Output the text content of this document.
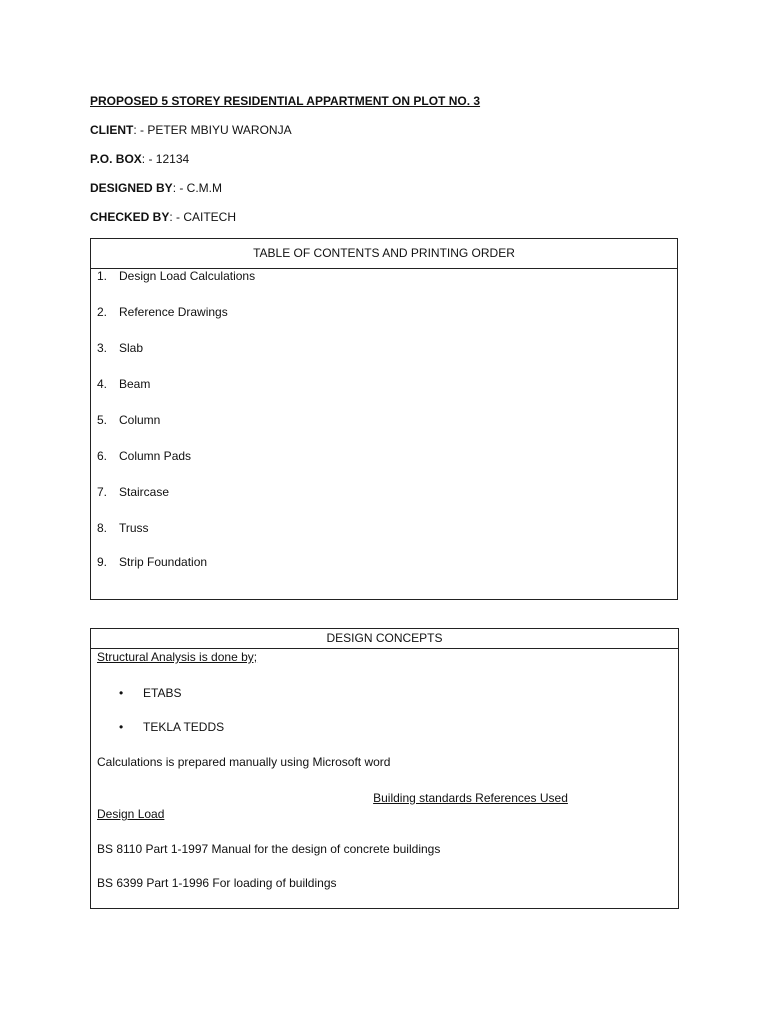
PROPOSED 5 STOREY RESIDENTIAL APPARTMENT ON PLOT NO. 3
CLIENT: - PETER MBIYU WARONJA
P.O. BOX: - 12134
DESIGNED BY: - C.M.M
CHECKED BY: - CAITECH
TABLE OF CONTENTS AND PRINTING ORDER
1. Design Load Calculations
2. Reference Drawings
3. Slab
4. Beam
5. Column
6. Column Pads
7. Staircase
8. Truss
9. Strip Foundation
DESIGN CONCEPTS
Structural Analysis is done by;
• ETABS
• TEKLA TEDDS
Calculations is prepared manually using Microsoft word
Building standards References Used
Design Load
BS 8110 Part 1-1997 Manual for the design of concrete buildings
BS 6399 Part 1-1996 For loading of buildings
